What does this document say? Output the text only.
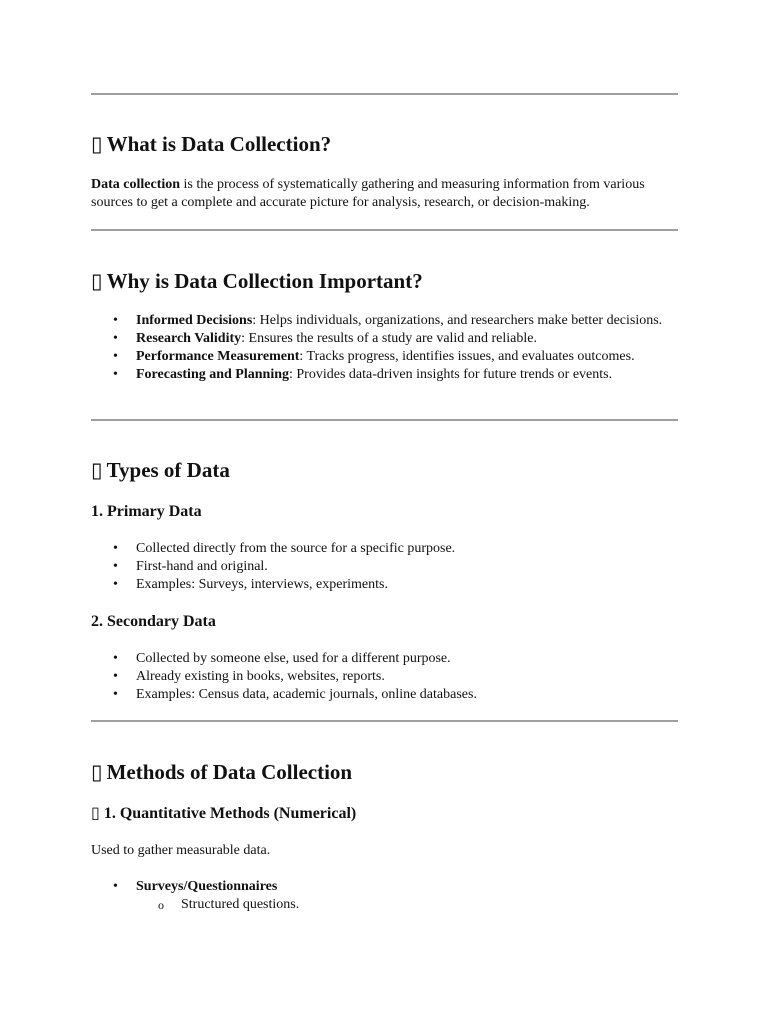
▯ What is Data Collection?

Data collection is the process of systematically gathering and measuring information from various sources to get a complete and accurate picture for analysis, research, or decision-making.

▯ Why is Data Collection Important?
• Informed Decisions: Helps individuals, organizations, and researchers make better decisions.
• Research Validity: Ensures the results of a study are valid and reliable.
• Performance Measurement: Tracks progress, identifies issues, and evaluates outcomes.
• Forecasting and Planning: Provides data-driven insights for future trends or events.
▯ Types of Data
1. Primary Data
• Collected directly from the source for a specific purpose.
• First-hand and original.
• Examples: Surveys, interviews, experiments.
2. Secondary Data
• Collected by someone else, used for a different purpose.
• Already existing in books, websites, reports.
• Examples: Census data, academic journals, online databases.
▯ Methods of Data Collection
▯ 1. Quantitative Methods (Numerical)

Used to gather measurable data.

• Surveys/Questionnaires
o Structured questions.
